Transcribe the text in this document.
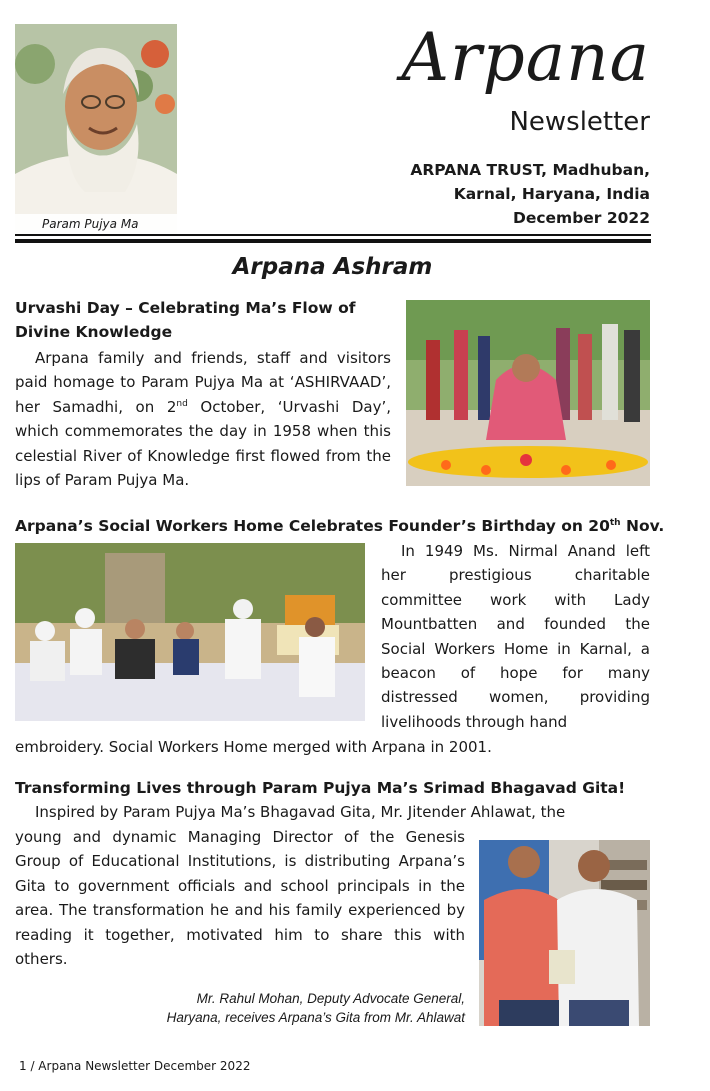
Param Pujya Ma
Arpana
Newsletter
ARPANA TRUST, Madhuban,
Karnal, Haryana, India
December 2022
Arpana Ashram
Urvashi Day – Celebrating Ma’s Flow of
Divine Knowledge
Arpana family and friends, staff and visitors paid homage to Param Pujya Ma at ‘ASHIRVAAD’, her Samadhi, on 2nd October, ‘Urvashi Day’, which commemorates the day in 1958 when this celestial River of Knowledge first flowed from the lips of Param Pujya Ma.
Arpana’s Social Workers Home Celebrates Founder’s Birthday on 20th Nov.
In 1949 Ms. Nirmal Anand left her prestigious charitable committee work with Lady Mountbatten and founded the Social Workers Home in Karnal, a beacon of hope for many distressed women, providing livelihoods through hand
embroidery. Social Workers Home merged with Arpana in 2001.
Transforming Lives through Param Pujya Ma’s Srimad Bhagavad Gita!
Inspired by Param Pujya Ma’s Bhagavad Gita, Mr. Jitender Ahlawat, the
young and dynamic Managing Director of the Genesis Group of Educational Institutions, is distributing Arpana’s Gita to government officials and school principals in the area. The transformation he and his family experienced by reading it together, motivated him to share this with others.
Mr. Rahul Mohan, Deputy Advocate General,
Haryana, receives Arpana’s Gita from Mr. Ahlawat
1 / Arpana Newsletter December 2022
